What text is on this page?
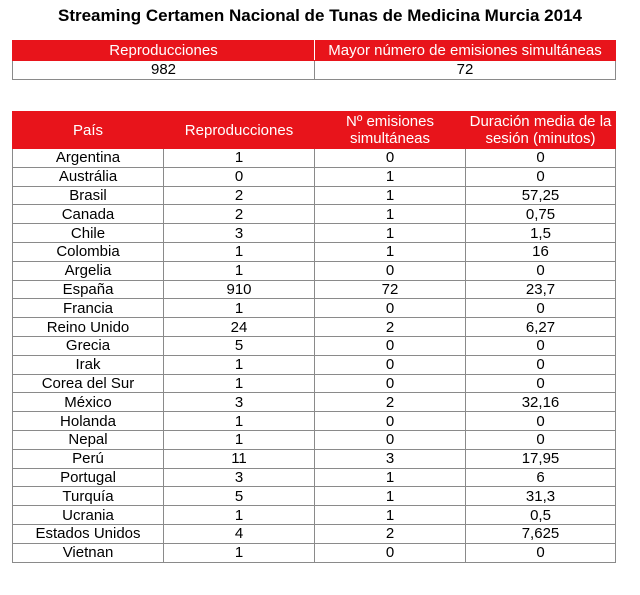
Streaming Certamen Nacional de Tunas de Medicina Murcia 2014
Reproducciones	Mayor número de emisiones simultáneas
982	72
País	Reproducciones	Nº emisiones simultáneas	Duración media de la sesión (minutos)
Argentina	1	0	0
Austrália	0	1	0
Brasil	2	1	57,25
Canada	2	1	0,75
Chile	3	1	1,5
Colombia	1	1	16
Argelia	1	0	0
España	910	72	23,7
Francia	1	0	0
Reino Unido	24	2	6,27
Grecia	5	0	0
Irak	1	0	0
Corea del Sur	1	0	0
México	3	2	32,16
Holanda	1	0	0
Nepal	1	0	0
Perú	11	3	17,95
Portugal	3	1	6
Turquía	5	1	31,3
Ucrania	1	1	0,5
Estados Unidos	4	2	7,625
Vietnan	1	0	0
